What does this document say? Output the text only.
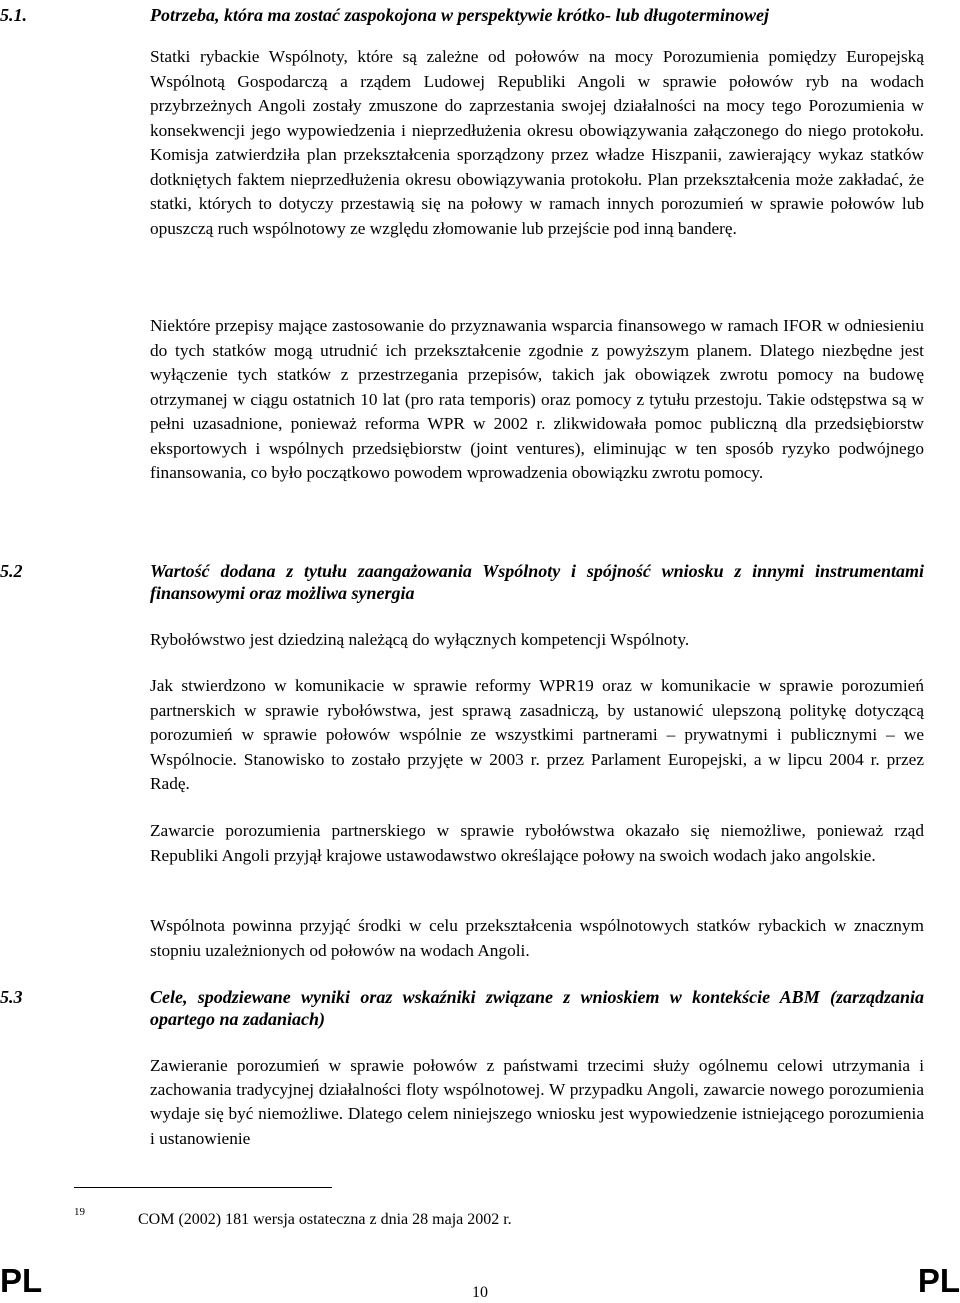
5.1.	Potrzeba, która ma zostać zaspokojona w perspektywie krótko- lub długoterminowej

Statki rybackie Wspólnoty, które są zależne od połowów na mocy Porozumienia pomiędzy Europejską Wspólnotą Gospodarczą a rządem Ludowej Republiki Angoli w sprawie połowów ryb na wodach przybrzeżnych Angoli zostały zmuszone do zaprzestania swojej działalności na mocy tego Porozumienia w konsekwencji jego wypowiedzenia i nieprzedłużenia okresu obowiązywania załączonego do niego protokołu. Komisja zatwierdziła plan przekształcenia sporządzony przez władze Hiszpanii, zawierający wykaz statków dotkniętych faktem nieprzedłużenia okresu obowiązywania protokołu. Plan przekształcenia może zakładać, że statki, których to dotyczy przestawią się na połowy w ramach innych porozumień w sprawie połowów lub opuszczą ruch wspólnotowy ze względu złomowanie lub przejście pod inną banderę.

Niektóre przepisy mające zastosowanie do przyznawania wsparcia finansowego w ramach IFOR w odniesieniu do tych statków mogą utrudnić ich przekształcenie zgodnie z powyższym planem. Dlatego niezbędne jest wyłączenie tych statków z przestrzegania przepisów, takich jak obowiązek zwrotu pomocy na budowę otrzymanej w ciągu ostatnich 10 lat (pro rata temporis) oraz pomocy z tytułu przestoju. Takie odstępstwa są w pełni uzasadnione, ponieważ reforma WPR w 2002 r. zlikwidowała pomoc publiczną dla przedsiębiorstw eksportowych i wspólnych przedsiębiorstw (joint ventures), eliminując w ten sposób ryzyko podwójnego finansowania, co było początkowo powodem wprowadzenia obowiązku zwrotu pomocy.

5.2	Wartość dodana z tytułu zaangażowania Wspólnoty i spójność wniosku z innymi instrumentami finansowymi oraz możliwa synergia

Rybołówstwo jest dziedziną należącą do wyłącznych kompetencji Wspólnoty.

Jak stwierdzono w komunikacie w sprawie reformy WPR19 oraz w komunikacie w sprawie porozumień partnerskich w sprawie rybołówstwa, jest sprawą zasadniczą, by ustanowić ulepszoną politykę dotyczącą porozumień w sprawie połowów wspólnie ze wszystkimi partnerami – prywatnymi i publicznymi – we Wspólnocie. Stanowisko to zostało przyjęte w 2003 r. przez Parlament Europejski, a w lipcu 2004 r. przez Radę.

Zawarcie porozumienia partnerskiego w sprawie rybołówstwa okazało się niemożliwe, ponieważ rząd Republiki Angoli przyjął krajowe ustawodawstwo określające połowy na swoich wodach jako angolskie.

Wspólnota powinna przyjąć środki w celu przekształcenia wspólnotowych statków rybackich w znacznym stopniu uzależnionych od połowów na wodach Angoli.

5.3	Cele, spodziewane wyniki oraz wskaźniki związane z wnioskiem w kontekście ABM (zarządzania opartego na zadaniach)

Zawieranie porozumień w sprawie połowów z państwami trzecimi służy ogólnemu celowi utrzymania i zachowania tradycyjnej działalności floty wspólnotowej. W przypadku Angoli, zawarcie nowego porozumienia wydaje się być niemożliwe. Dlatego celem niniejszego wniosku jest wypowiedzenie istniejącego porozumienia i ustanowienie

19	COM (2002) 181 wersja ostateczna z dnia 28 maja 2002 r.
PL	10	PL
